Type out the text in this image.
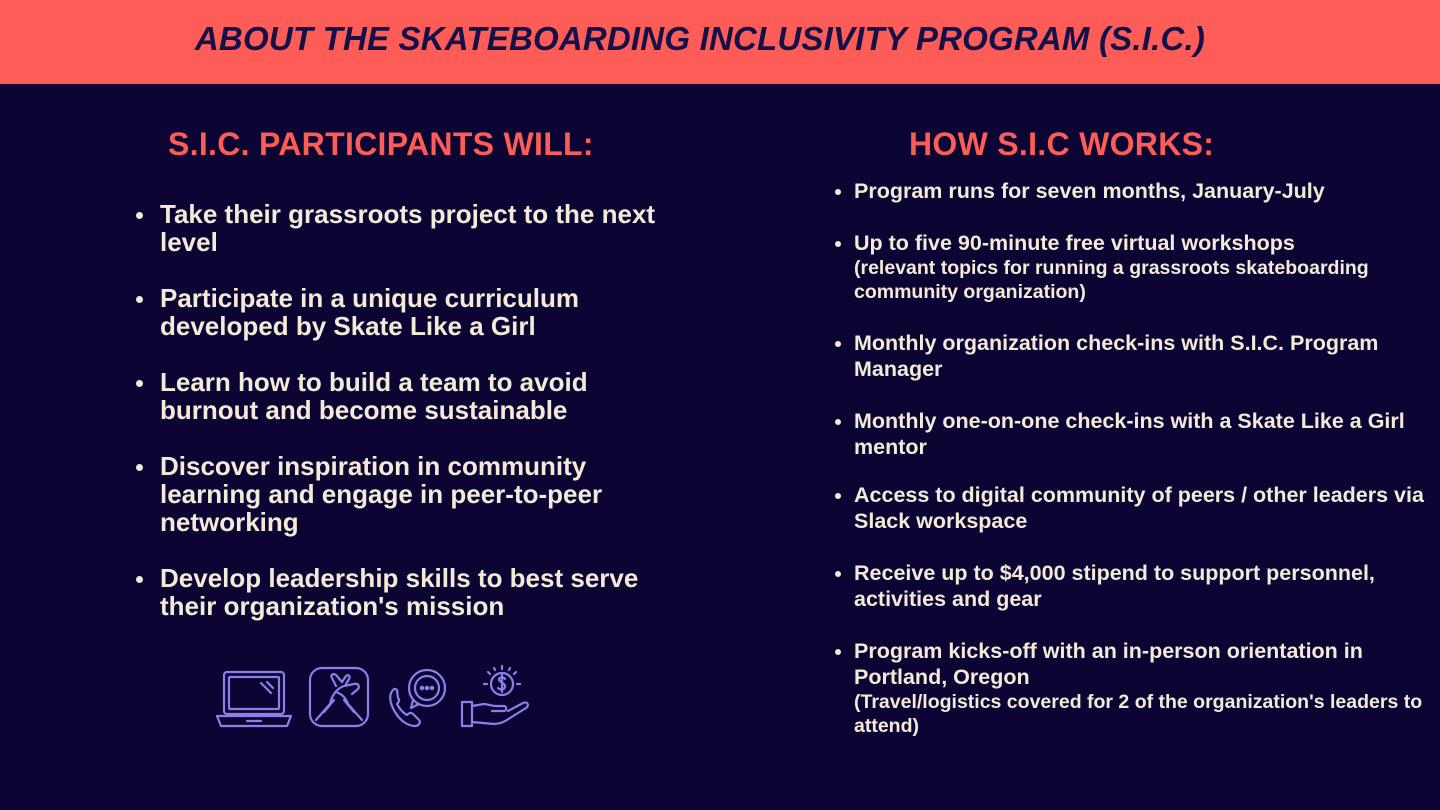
ABOUT THE SKATEBOARDING INCLUSIVITY PROGRAM (S.I.C.)
S.I.C. PARTICIPANTS WILL:	HOW S.I.C WORKS:
Take their grassroots project to the next level
Participate in a unique curriculum developed by Skate Like a Girl
Learn how to build a team to avoid burnout and become sustainable
Discover inspiration in community learning and engage in peer-to-peer networking
Develop leadership skills to best serve their organization's mission
Program runs for seven months, January-July
Up to five 90-minute free virtual workshops
(relevant topics for running a grassroots skateboarding community organization)
Monthly organization check-ins with S.I.C. Program Manager
Monthly one-on-one check-ins with a Skate Like a Girl mentor
Access to digital community of peers / other leaders via Slack workspace
Receive up to $4,000 stipend to support personnel, activities and gear
Program kicks-off with an in-person orientation in Portland, Oregon
(Travel/logistics covered for 2 of the organization's leaders to attend)
